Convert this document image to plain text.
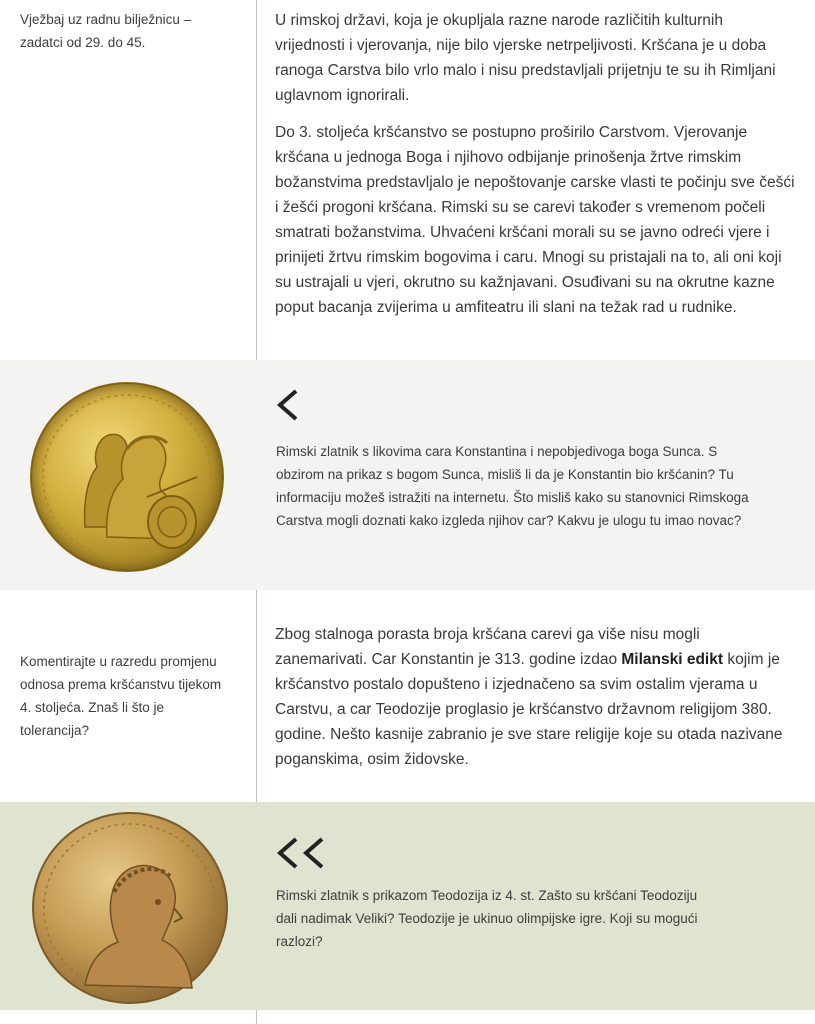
Vježbaj uz radnu bilježnicu – zadatci od 29. do 45.

U rimskoj državi, koja je okupljala razne narode različitih kulturnih vrijednosti i vjerovanja, nije bilo vjerske netrpeljivosti. Kršćana je u doba ranoga Carstva bilo vrlo malo i nisu predstavljali prijetnju te su ih Rimljani uglavnom ignorirali.

Do 3. stoljeća kršćanstvo se postupno proširilo Carstvom. Vjerovanje kršćana u jednoga Boga i njihovo odbijanje prinošenja žrtve rimskim božanstvima predstavljalo je nepoštovanje carske vlasti te počinju sve češći i žešći progoni kršćana. Rimski su se carevi također s vremenom počeli smatrati božanstvima. Uhvaćeni kršćani morali su se javno odreći vjere i prinijeti žrtvu rimskim bogovima i caru. Mnogi su pristajali na to, ali oni koji su ustrajali u vjeri, okrutno su kažnjavani. Osuđivani su na okrutne kazne poput bacanja zvijerima u amfiteatru ili slani na težak rad u rudnike.

Rimski zlatnik s likovima cara Konstantina i nepobjedivoga boga Sunca. S obzirom na prikaz s bogom Sunca, misliš li da je Konstantin bio kršćanin? Tu informaciju možeš istražiti na internetu. Što misliš kako su stanovnici Rimskoga Carstva mogli doznati kako izgleda njihov car? Kakvu je ulogu tu imao novac?
Komentirajte u razredu promjenu odnosa prema kršćanstvu tijekom 4. stoljeća. Znaš li što je tolerancija?

Zbog stalnoga porasta broja kršćana carevi ga više nisu mogli zanemarivati. Car Konstantin je 313. godine izdao Milanski edikt kojim je kršćanstvo postalo dopušteno i izjednačeno sa svim ostalim vjerama u Carstvu, a car Teodozije proglasio je kršćanstvo državnom religijom 380. godine. Nešto kasnije zabranio je sve stare religije koje su otada nazivane poganskima, osim židovske.

Rimski zlatnik s prikazom Teodozija iz 4. st. Zašto su kršćani Teodoziju dali nadimak Veliki? Teodozije je ukinuo olimpijske igre. Koji su mogući razlozi?
